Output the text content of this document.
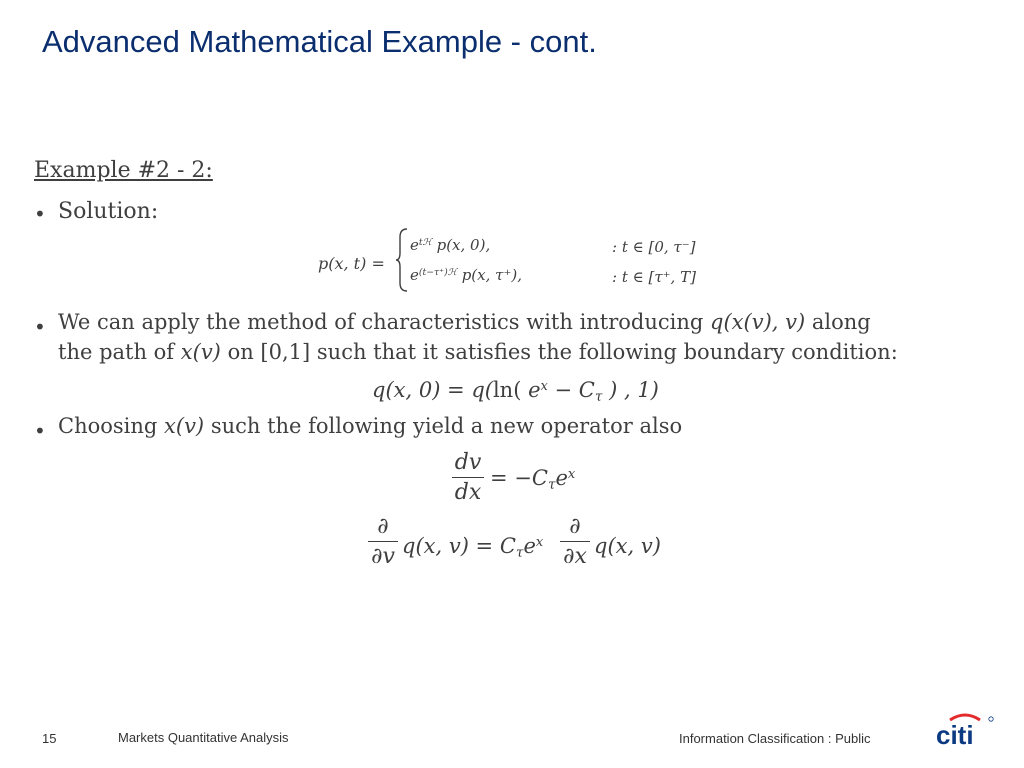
Advanced Mathematical Example - cont.
Example #2 - 2:
• Solution:
p(x, t) =
$e^{tℋ}$ p(x, 0),	: t ∈ [0, τ⁻]
$e^{(t-\tau^+)ℋ}$ p(x, τ⁺),	: t ∈ [τ⁺, T]
• We can apply the method of characteristics with introducing q(x(v), v) along
the path of x(v) on [0,1] such that it satisfies the following boundary condition:
q(x, 0) = q(ln( $e^x - C_\tau$ ) , 1)
• Choosing x(v) such the following yield a new operator also
dv
dx
= $-C_\tau e^x$
∂
∂v q(x, $v) = C_\tau e^x$
∂
∂x q(x, v)
15	Markets Quantitative Analysis	Information Classification : Public	citi
